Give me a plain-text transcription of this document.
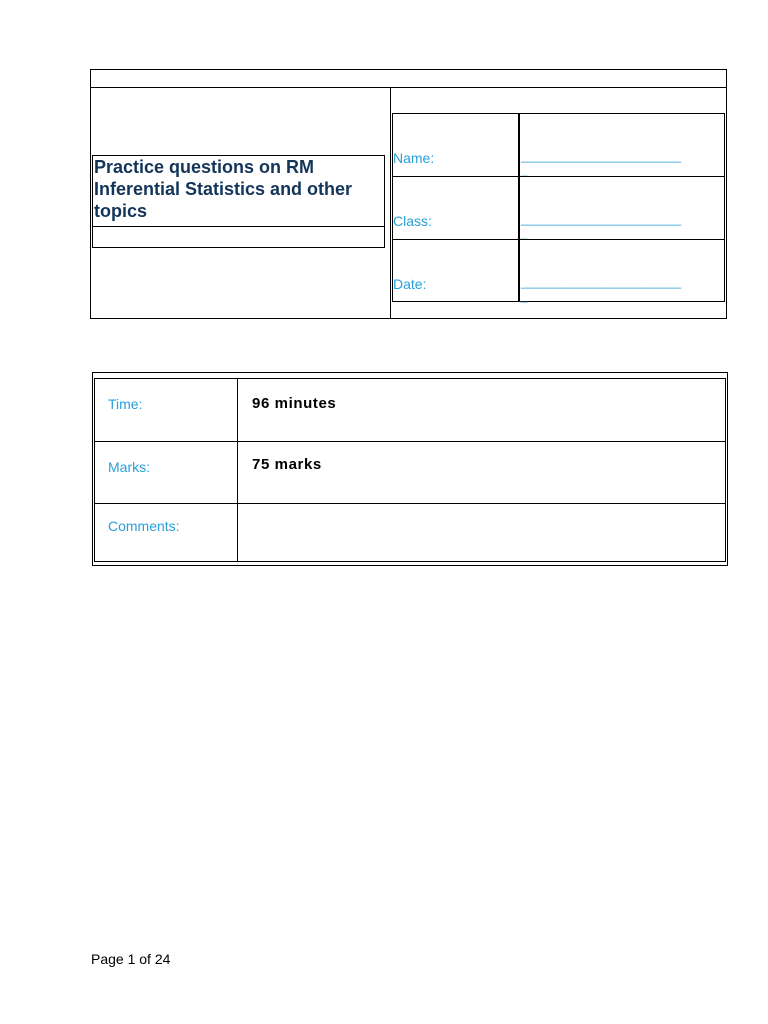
Practice questions on RM Inferential Statistics and other topics

Name:	________________________
_
Class:	________________________
_
Date:	________________________
_
Time:	96 minutes
Marks:	75 marks
Comments:
Page 1 of 24
